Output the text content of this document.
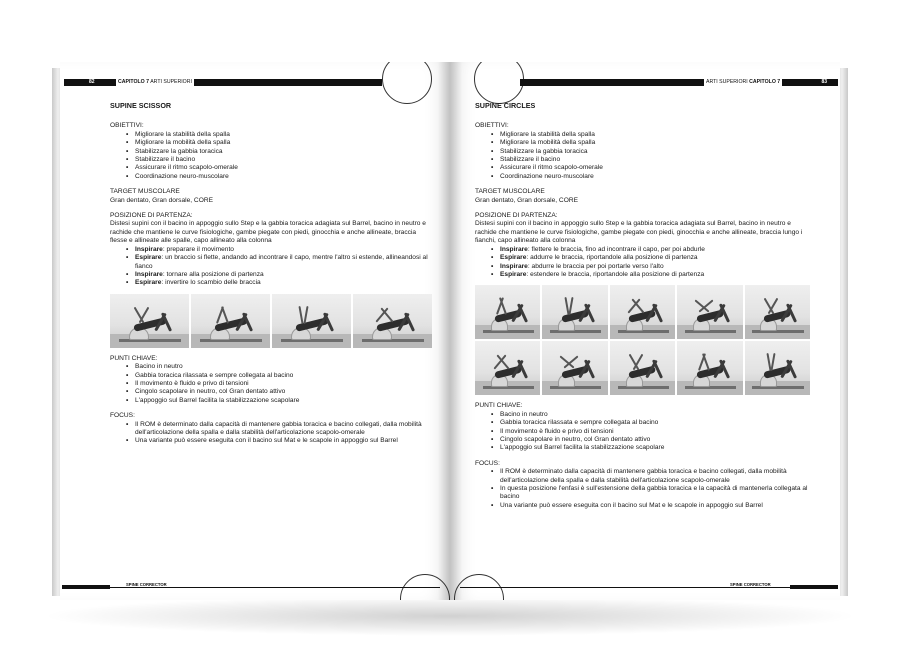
82	CAPITOLO 7 ARTI SUPERIORI
SUPINE SCISSOR
OBIETTIVI:
• Migliorare la stabilità della spalla
• Migliorare la mobilità della spalla
• Stabilizzare la gabbia toracica
• Stabilizzare il bacino
• Assicurare il ritmo scapolo-omerale
• Coordinazione neuro-muscolare
TARGET MUSCOLARE
Gran dentato, Gran dorsale, CORE
POSIZIONE DI PARTENZA:
Distesi supini con il bacino in appoggio sullo Step e la gabbia toracica adagiata sul Barrel, bacino in neutro e rachide che mantiene le curve fisiologiche, gambe piegate con piedi, ginocchia e anche allineate, braccia flesse e allineate alle spalle, capo allineato alla colonna
• Inspirare: preparare il movimento
• Espirare: un braccio si flette, andando ad incontrare il capo, mentre l'altro si estende, allineandosi al fianco
• Inspirare: tornare alla posizione di partenza
• Espirare: invertire lo scambio delle braccia
PUNTI CHIAVE:
• Bacino in neutro
• Gabbia toracica rilassata e sempre collegata al bacino
• Il movimento è fluido e privo di tensioni
• Cingolo scapolare in neutro, col Gran dentato attivo
• L'appoggio sul Barrel facilita la stabilizzazione scapolare
FOCUS:
• Il ROM è determinato dalla capacità di mantenere gabbia toracica e bacino collegati, dalla mobilità dell'articolazione della spalla e dalla stabilità dell'articolazione scapolo-omerale
• Una variante può essere eseguita con il bacino sul Mat e le scapole in appoggio sul Barrel
SPINE CORRECTOR
83
ARTI SUPERIORI CAPITOLO 7
SUPINE CIRCLES
OBIETTIVI:
• Migliorare la stabilità della spalla
• Migliorare la mobilità della spalla
• Stabilizzare la gabbia toracica
• Stabilizzare il bacino
• Assicurare il ritmo scapolo-omerale
• Coordinazione neuro-muscolare
TARGET MUSCOLARE
Gran dentato, Gran dorsale, CORE
POSIZIONE DI PARTENZA:
Distesi supini con il bacino in appoggio sullo Step e la gabbia toracica adagiata sul Barrel, bacino in neutro e rachide che mantiene le curve fisiologiche, gambe piegate con piedi, ginocchia e anche allineate, braccia lungo i fianchi, capo allineato alla colonna
• Inspirare: flettere le braccia, fino ad incontrare il capo, per poi abdurle
• Espirare: addurre le braccia, riportandole alla posizione di partenza
• Inspirare: abdurre le braccia per poi portarle verso l'alto
• Espirare: estendere le braccia, riportandole alla posizione di partenza
PUNTI CHIAVE:
• Bacino in neutro
• Gabbia toracica rilassata e sempre collegata al bacino
• Il movimento è fluido e privo di tensioni
• Cingolo scapolare in neutro, col Gran dentato attivo
• L'appoggio sul Barrel facilita la stabilizzazione scapolare
FOCUS:
• Il ROM è determinato dalla capacità di mantenere gabbia toracica e bacino collegati, dalla mobilità dell'articolazione della spalla e dalla stabilità dell'articolazione scapolo-omerale
• In questa posizione l'enfasi è sull'estensione della gabbia toracica e la capacità di mantenerla collegata al bacino
• Una variante può essere eseguita con il bacino sul Mat e le scapole in appoggio sul Barrel
SPINE CORRECTOR
